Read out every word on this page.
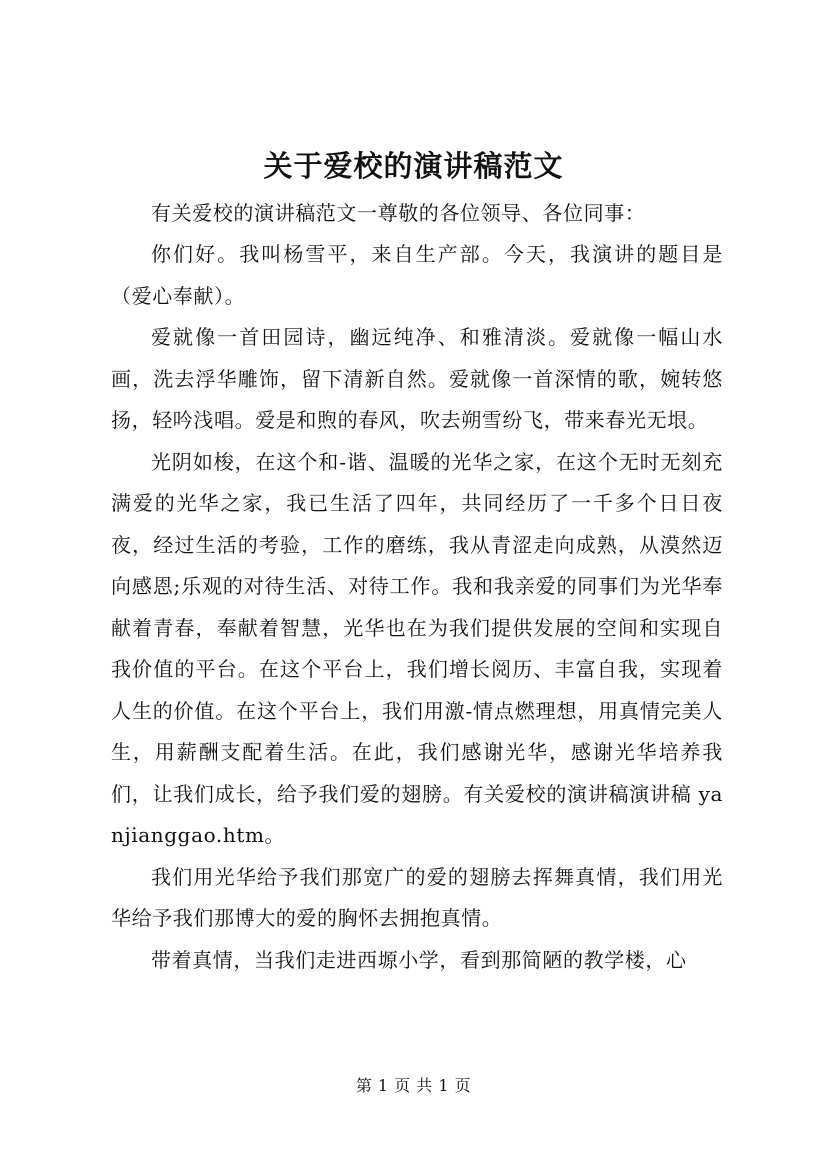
关于爱校的演讲稿范文

有关爱校的演讲稿范文一尊敬的各位领导、各位同事：

你们好。我叫杨雪平，来自生产部。今天，我演讲的题目是（爱心奉献）。

爱就像一首田园诗，幽远纯净、和雅清淡。爱就像一幅山水画，洗去浮华雕饰，留下清新自然。爱就像一首深情的歌，婉转悠扬，轻吟浅唱。爱是和煦的春风，吹去朔雪纷飞，带来春光无垠。

光阴如梭，在这个和-谐、温暖的光华之家，在这个无时无刻充满爱的光华之家，我已生活了四年，共同经历了一千多个日日夜夜，经过生活的考验，工作的磨练，我从青涩走向成熟，从漠然迈向感恩;乐观的对待生活、对待工作。我和我亲爱的同事们为光华奉献着青春，奉献着智慧，光华也在为我们提供发展的空间和实现自我价值的平台。在这个平台上，我们增长阅历、丰富自我，实现着人生的价值。在这个平台上，我们用激-情点燃理想，用真情完美人生，用薪酬支配着生活。在此，我们感谢光华，感谢光华培养我们，让我们成长，给予我们爱的翅膀。有关爱校的演讲稿演讲稿 yanjianggao.htm。

我们用光华给予我们那宽广的爱的翅膀去挥舞真情，我们用光华给予我们那博大的爱的胸怀去拥抱真情。

带着真情，当我们走进西塬小学，看到那简陋的教学楼，心

第 1 页 共 1 页
